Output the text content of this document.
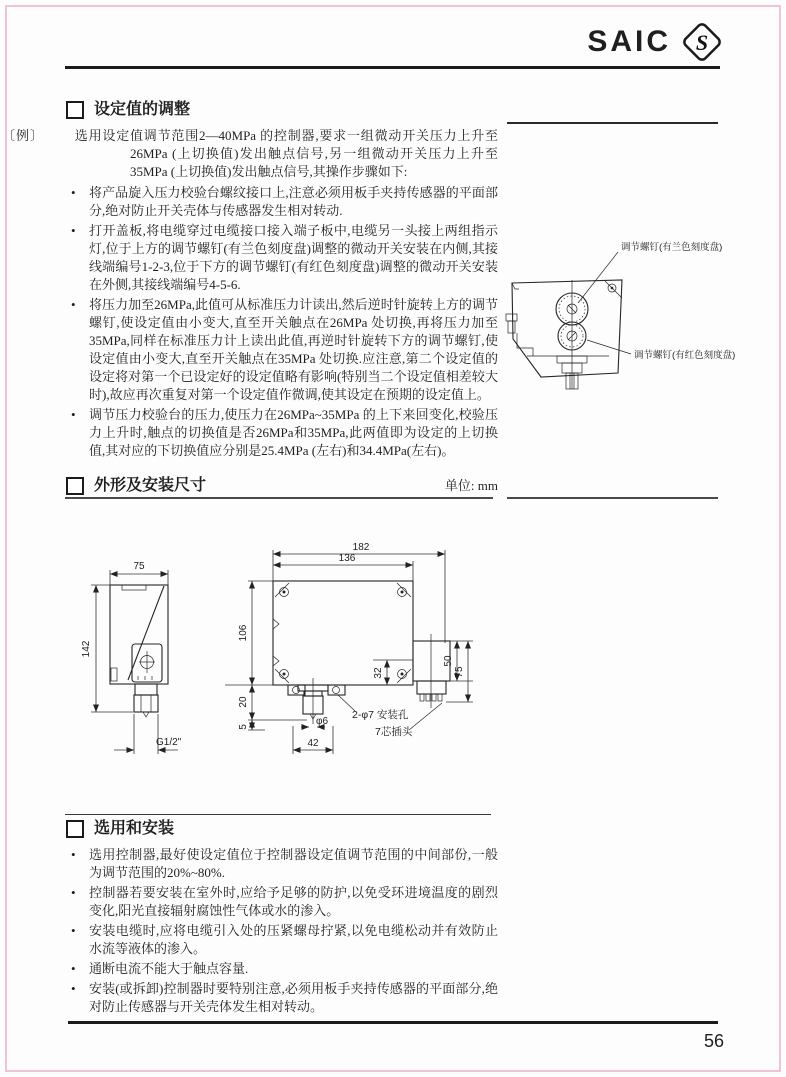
SAIC S
设定值的调整
〔例〕 选用设定值调节范围2—40MPa 的控制器,要求一组微动开关压力上升至26MPa (上切换值)发出触点信号,另一组微动开关压力上升至35MPa (上切换值)发出触点信号,其操作步骤如下:
• 将产品旋入压力校验台螺纹接口上,注意必须用板手夹持传感器的平面部分,绝对防止开关壳体与传感器发生相对转动.
• 打开盖板,将电缆穿过电缆接口接入端子板中,电缆另一头接上两组指示灯,位于上方的调节螺钉(有兰色刻度盘)调整的微动开关安装在内侧,其接线端编号1-2-3,位于下方的调节螺钉(有红色刻度盘)调整的微动开关安装在外侧,其接线端编号4-5-6.
• 将压力加至26MPa,此值可从标准压力计读出,然后逆时针旋转上方的调节螺钉,使设定值由小变大,直至开关触点在26MPa 处切换,再将压力加至35MPa,同样在标准压力计上读出此值,再逆时针旋转下方的调节螺钉,使设定值由小变大,直至开关触点在35MPa 处切换.应注意,第二个设定值的设定将对第一个已设定好的设定值略有影响(特别当二个设定值相差较大时),故应再次重复对第一个设定值作微调,使其设定在预期的设定值上。
• 调节压力校验台的压力,使压力在26MPa~35MPa 的上下来回变化,校验压力上升时,触点的切换值是否26MPa和35MPa,此两值即为设定的上切换值,其对应的下切换值应分别是25.4MPa (左右)和34.4MPa(左右)。
调节螺钉(有兰色刻度盘)
调节螺钉(有红色刻度盘)
外形及安装尺寸	单位: mm
75
142
G1/2"
182
136
106
20
5	φ6
42
2-φ7 安装孔
7芯插头
32
50
75
选用和安装
• 选用控制器,最好使设定值位于控制器设定值调节范围的中间部份,一般为调节范围的20%~80%.
• 控制器若要安装在室外时,应给予足够的防护,以免受环进境温度的剧烈变化,阳光直接辐射腐蚀性气体或水的渗入。
• 安装电缆时,应将电缆引入处的压紧螺母拧紧,以免电缆松动并有效防止水流等液体的渗入。
• 通断电流不能大于触点容量.
• 安装(或拆卸)控制器时要特别注意,必须用板手夹持传感器的平面部分,绝对防止传感器与开关壳体发生相对转动。
56
